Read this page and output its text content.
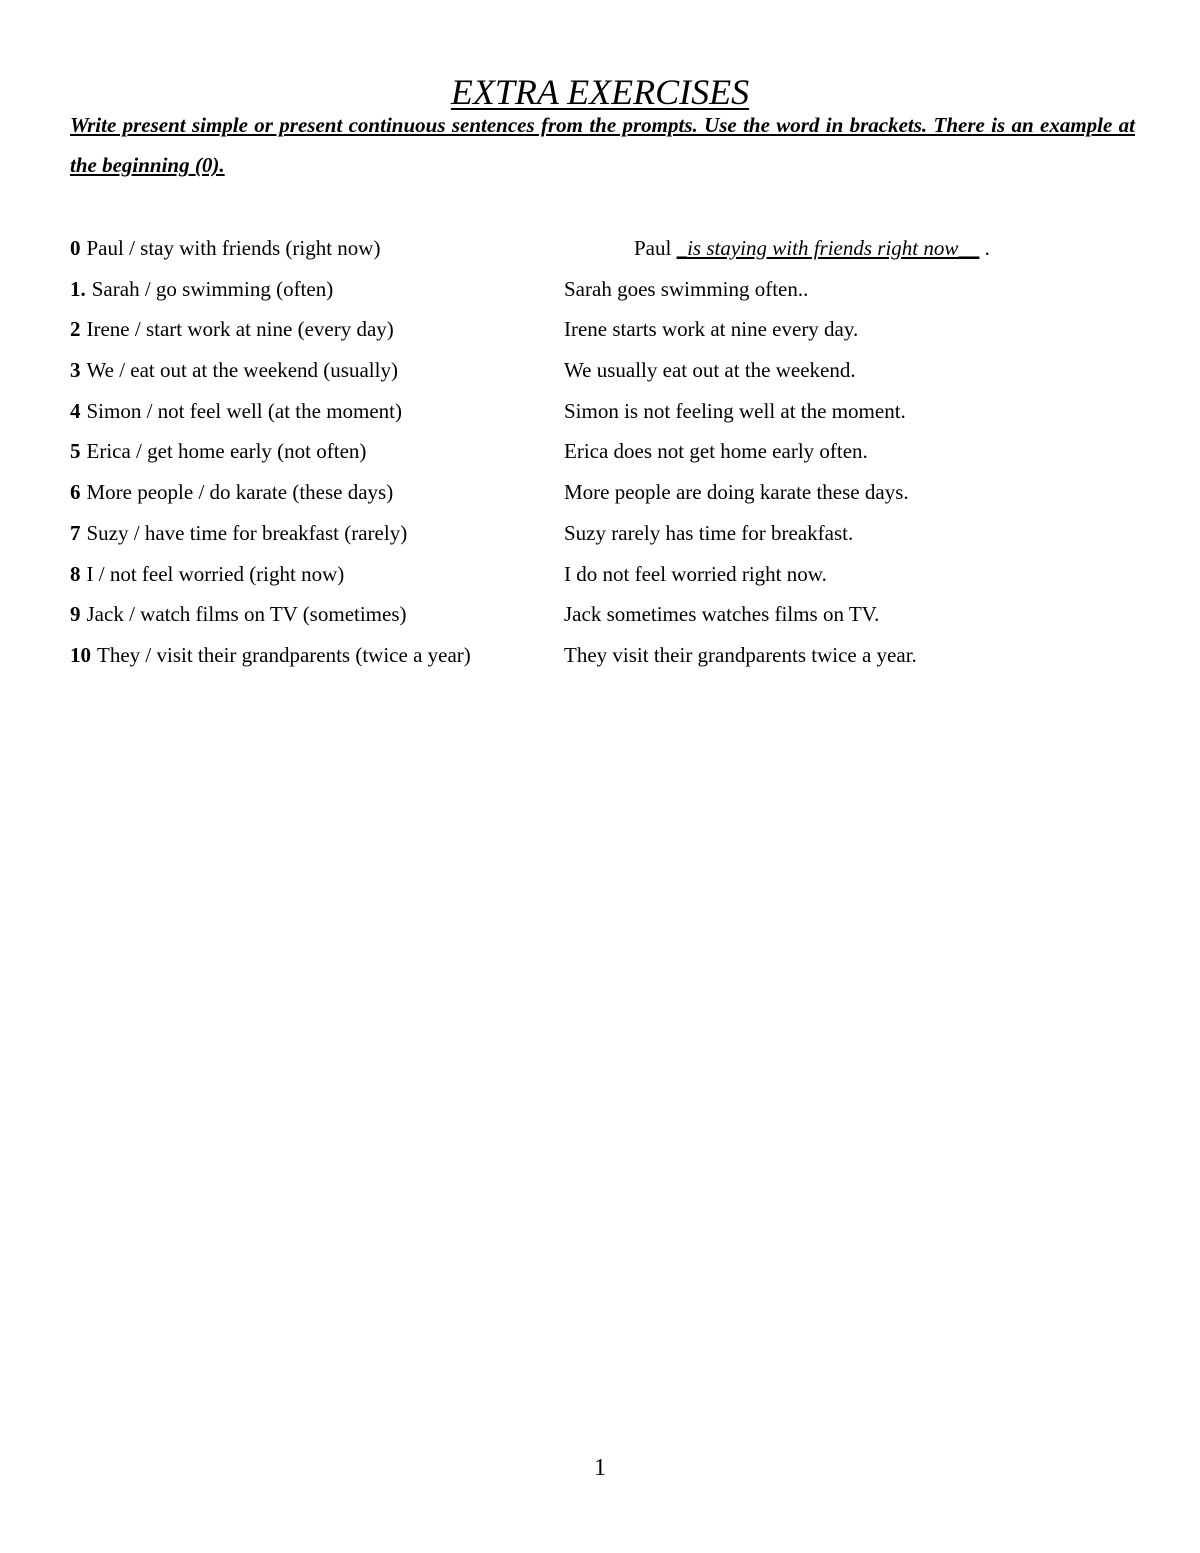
EXTRA EXERCISES
Write present simple or present continuous sentences from the prompts. Use the word in brackets. There is an example at the beginning (0).
0 Paul / stay with friends (right now)	Paul _is staying with friends right now__ .
1. Sarah / go swimming (often)	Sarah goes swimming often..
2 Irene / start work at nine (every day)	Irene starts work at nine every day.
3 We / eat out at the weekend (usually)	We usually eat out at the weekend.
4 Simon / not feel well (at the moment)	Simon is not feeling well at the moment.
5 Erica / get home early (not often)	Erica does not get home early often.
6 More people / do karate (these days)	More people are doing karate these days.
7 Suzy / have time for breakfast (rarely)	Suzy rarely has time for breakfast.
8 I / not feel worried (right now)	I do not feel worried right now.
9 Jack / watch films on TV (sometimes)	Jack sometimes watches films on TV.
10 They / visit their grandparents (twice a year)	They visit their grandparents twice a year.
1
